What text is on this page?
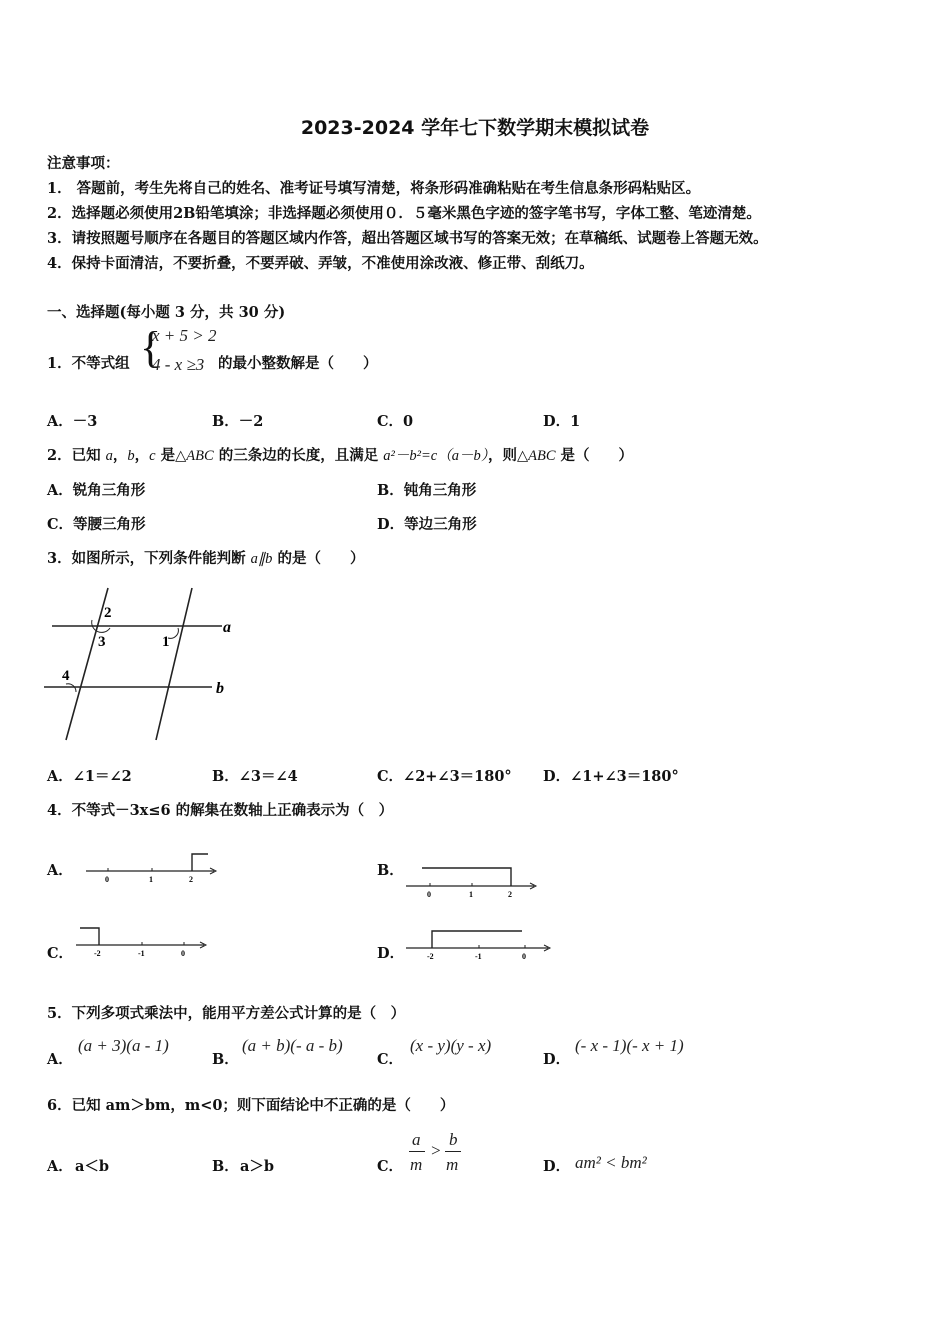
2023-2024 学年七下数学期末模拟试卷
注意事项：
1． 答题前，考生先将自己的姓名、准考证号填写清楚，将条形码准确粘贴在考生信息条形码粘贴区。
2．选择题必须使用2B铅笔填涂；非选择题必须使用０．５毫米黑色字迹的签字笔书写，字体工整、笔迹清楚。
3．请按照题号顺序在各题目的答题区域内作答，超出答题区域书写的答案无效；在草稿纸、试题卷上答题无效。
4．保持卡面清洁，不要折叠，不要弄破、弄皱，不准使用涂改液、修正带、刮纸刀。
一、选择题(每小题 3 分，共 30 分)
1．不等式组 {
x + 5 > 2
4 - x ≥3 的最小整数解是（　　）
A．－3	B．－2	C．0	D．1
2．已知 a，b，c 是△ABC 的三条边的长度，且满足 a²－b²=c（a－b），则△ABC 是（　　）
A．锐角三角形	B．钝角三角形
C．等腰三角形	D．等边三角形
3．如图所示，下列条件能判断 a∥b 的是（　　）
a
b
2
3	1
4
A．∠1＝∠2	B．∠3＝∠4	C．∠2+∠3＝180° D．∠1+∠3＝180°
4．不等式－3x≤6 的解集在数轴上正确表示为（　）
A．
0	1	2
B．
0	1	2
C．	-2	-1	0	D．	-2	-1	0
5．下列多项式乘法中，能用平方差公式计算的是（　）
A．
(a + 3)(a - 1)
B．
(a + b)(- a - b)
C．
(x - y)(y - x)
D．
(- x - 1)(- x + 1)
6．已知 am＞bm，m<0；则下面结论中不正确的是（　　）
A． a＜b	B． a＞b	C．
a
m
>
b
m	D． am² < bm²
